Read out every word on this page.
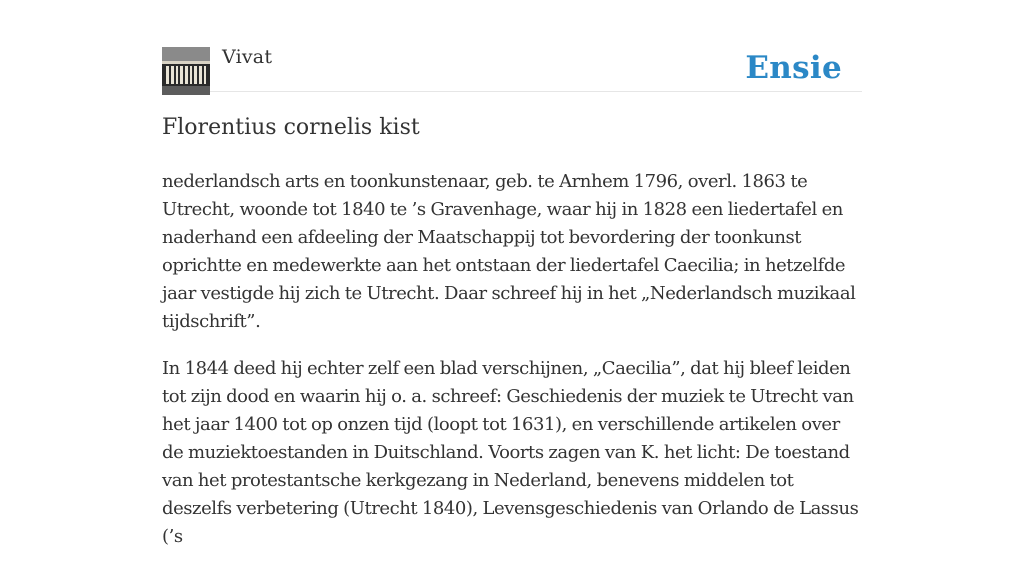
Vivat	Ensie
Florentius cornelis kist

nederlandsch arts en toonkunstenaar, geb. te Arnhem 1796, overl. 1863 te Utrecht, woonde tot 1840 te ’s Gravenhage, waar hij in 1828 een liedertafel en naderhand een afdeeling der Maatschappij tot bevordering der toonkunst oprichtte en medewerkte aan het ontstaan der liedertafel Caecilia; in hetzelfde jaar vestigde hij zich te Utrecht. Daar schreef hij in het „Nederlandsch muzikaal tijdschrift”.

In 1844 deed hij echter zelf een blad verschijnen, „Caecilia”, dat hij bleef leiden tot zijn dood en waarin hij o. a. schreef: Geschiedenis der muziek te Utrecht van het jaar 1400 tot op onzen tijd (loopt tot 1631), en verschillende artikelen over de muziektoestanden in Duitschland. Voorts zagen van K. het licht: De toestand van het protestantsche kerkgezang in Nederland, benevens middelen tot deszelfs verbetering (Utrecht 1840), Levensgeschiedenis van Orlando de Lassus (’s
